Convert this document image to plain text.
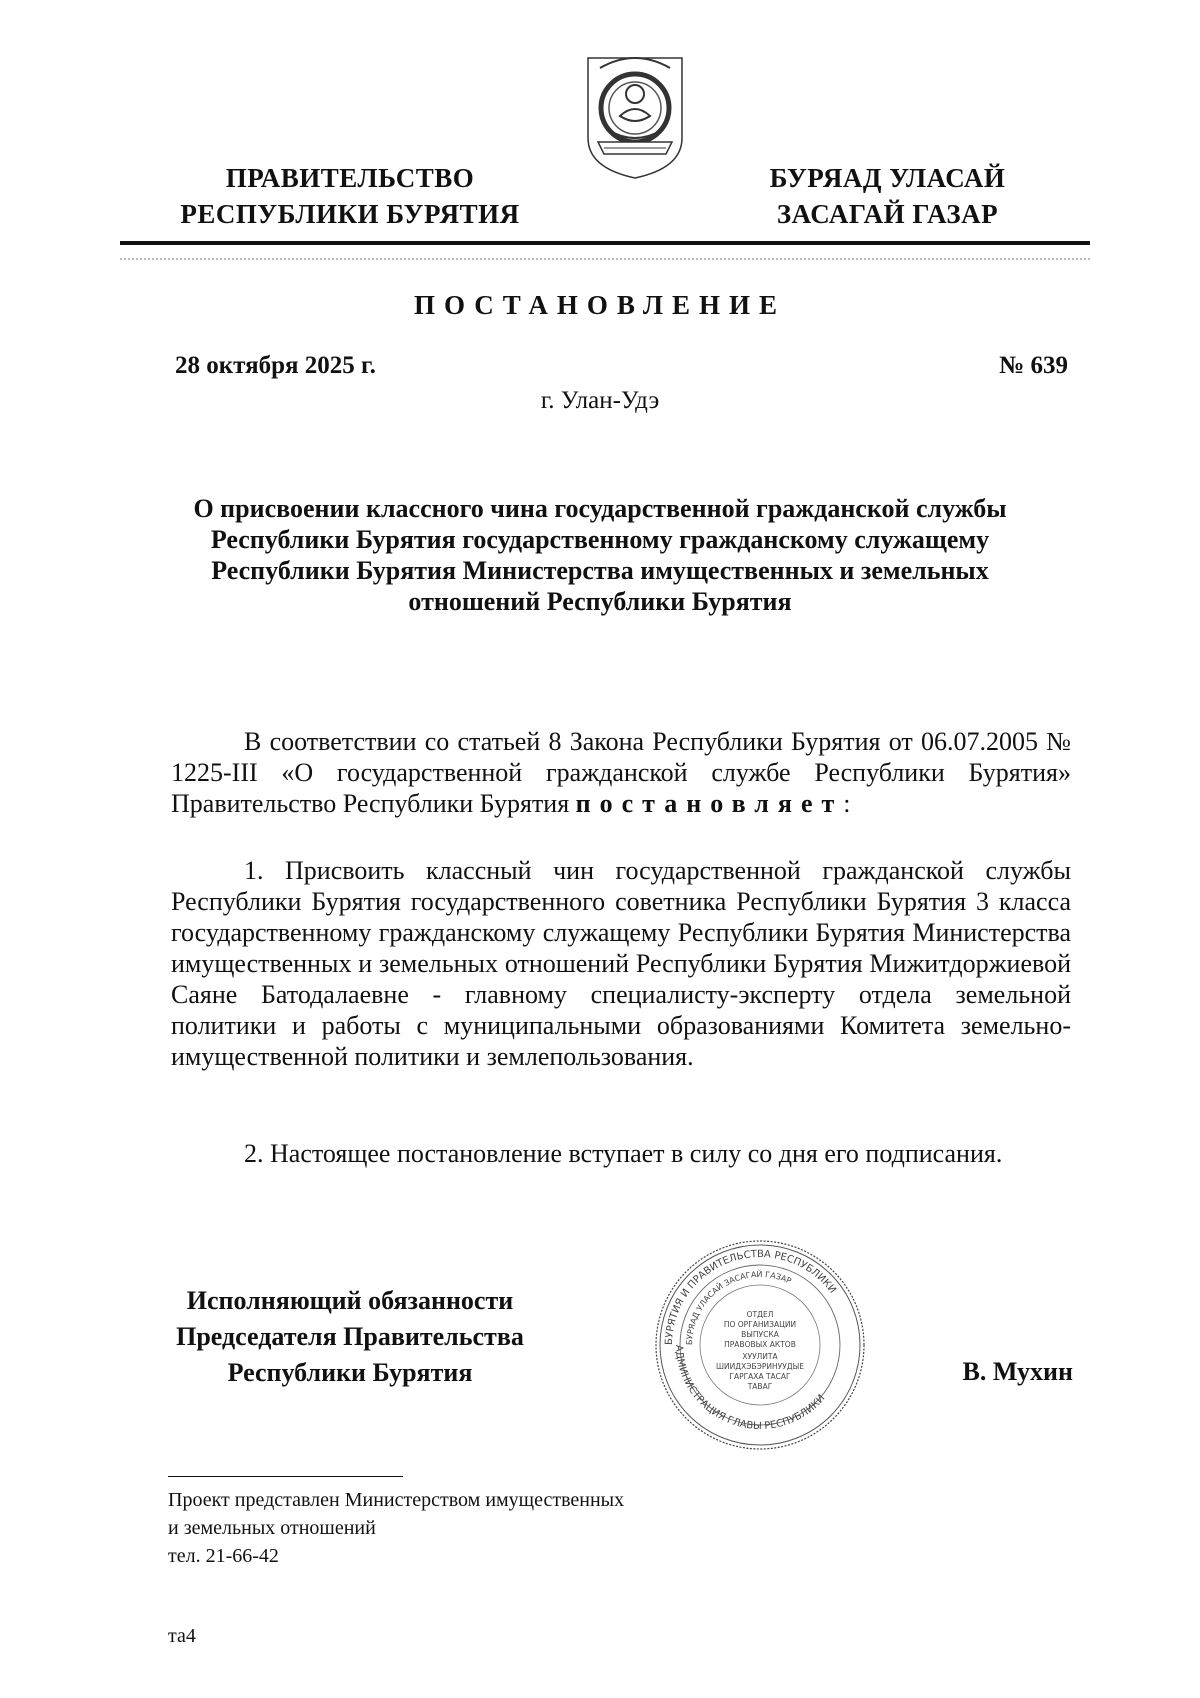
ПРАВИТЕЛЬСТВО
РЕСПУБЛИКИ БУРЯТИЯ
БУРЯАД УЛАСАЙ
ЗАСАГАЙ ГАЗАР
ПОСТАНОВЛЕНИЕ
28 октября 2025 г.	№ 639
г. Улан-Удэ
О присвоении классного чина государственной гражданской службы Республики Бурятия государственному гражданскому служащему Республики Бурятия Министерства имущественных и земельных отношений Республики Бурятия
В соответствии со статьей 8 Закона Республики Бурятия от 06.07.2005 № 1225-III «О государственной гражданской службе Республики Бурятия» Правительство Республики Бурятия постановляет:
1. Присвоить классный чин государственной гражданской службы Республики Бурятия государственного советника Республики Бурятия 3 класса государственному гражданскому служащему Республики Бурятия Министерства имущественных и земельных отношений Республики Бурятия Мижитдоржиевой Саяне Батодалаевне - главному специалисту-эксперту отдела земельной политики и работы с муниципальными образованиями Комитета земельно-имущественной политики и землепользования.
2. Настоящее постановление вступает в силу со дня его подписания.
Исполняющий обязанности
Председателя Правительства
Республики Бурятия
БУРЯТИЯ И ПРАВИТЕЛЬСТВА РЕСПУБЛИКИ
АДМИНИСТРАЦИЯ ГЛАВЫ РЕСПУБЛИКИ
БУРЯАД УЛАСАЙ ЗАСАГАЙ ГАЗАР
ОТДЕЛ
ПО ОРГАНИЗАЦИИ
ВЫПУСКА
ПРАВОВЫХ АКТОВ
ХУУЛИТА
ШИИДХЭБЭРИНУУДЫЕ
ГАРГАХА ТАСАГ
ТАВАГ
В. Мухин
Проект представлен Министерством имущественных
и земельных отношений
тел. 21-66-42
та4
